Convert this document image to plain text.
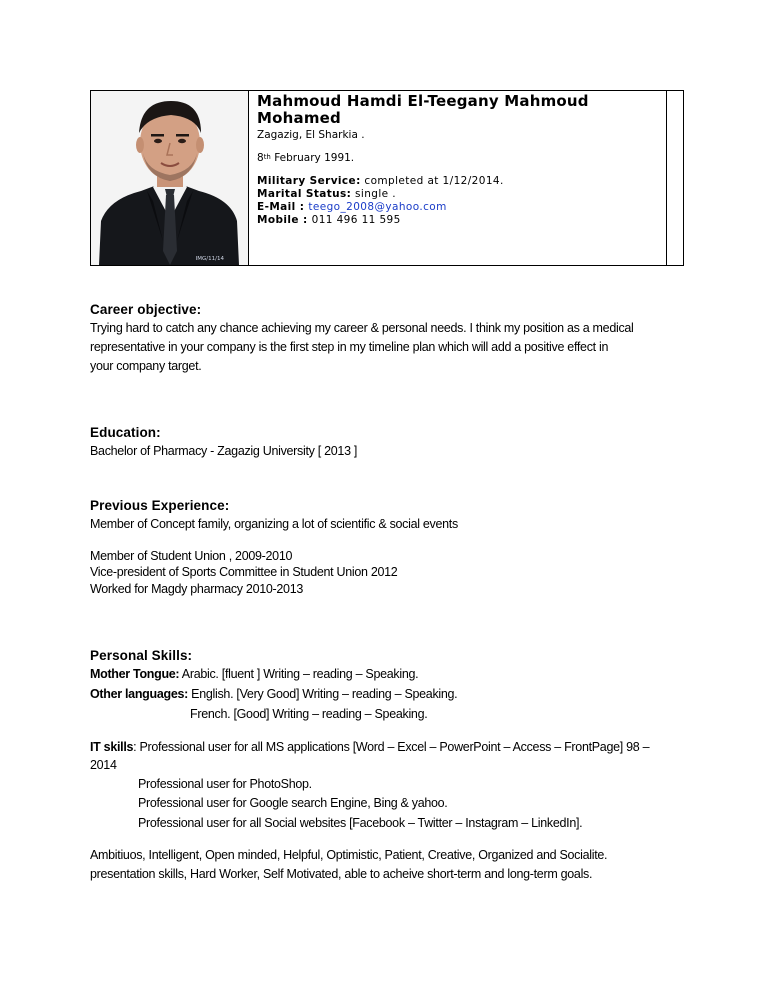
IMG/11/14
Mahmoud Hamdi El-Teegany Mahmoud
Mohamed
Zagazig, El Sharkia .
8th February 1991.
Military Service: completed at 1/12/2014.
Marital Status: single .
E-Mail : teego_2008@yahoo.com
Mobile : 011 496 11 595
Career objective:
Trying hard to catch any chance achieving my career & personal needs. I think my position as a medical
representative in your company is the first step in my timeline plan which will add a positive effect in
your company target.
Education:
Bachelor of Pharmacy - Zagazig University [ 2013 ]
Previous Experience:
Member of Concept family, organizing a lot of scientific & social events
Member of Student Union , 2009-2010
Vice-president of Sports Committee in Student Union 2012
Worked for Magdy pharmacy 2010-2013
Personal Skills:
Mother Tongue: Arabic. [fluent ] Writing – reading – Speaking.
Other languages: English. [Very Good] Writing – reading – Speaking.
French. [Good] Writing – reading – Speaking.
IT skills: Professional user for all MS applications [Word – Excel – PowerPoint – Access – FrontPage] 98 –
2014
Professional user for PhotoShop.
Professional user for Google search Engine, Bing & yahoo.
Professional user for all Social websites [Facebook – Twitter – Instagram – LinkedIn].
Ambitiuos, Intelligent, Open minded, Helpful, Optimistic, Patient, Creative, Organized and Socialite.
presentation skills, Hard Worker, Self Motivated, able to acheive short-term and long-term goals.
